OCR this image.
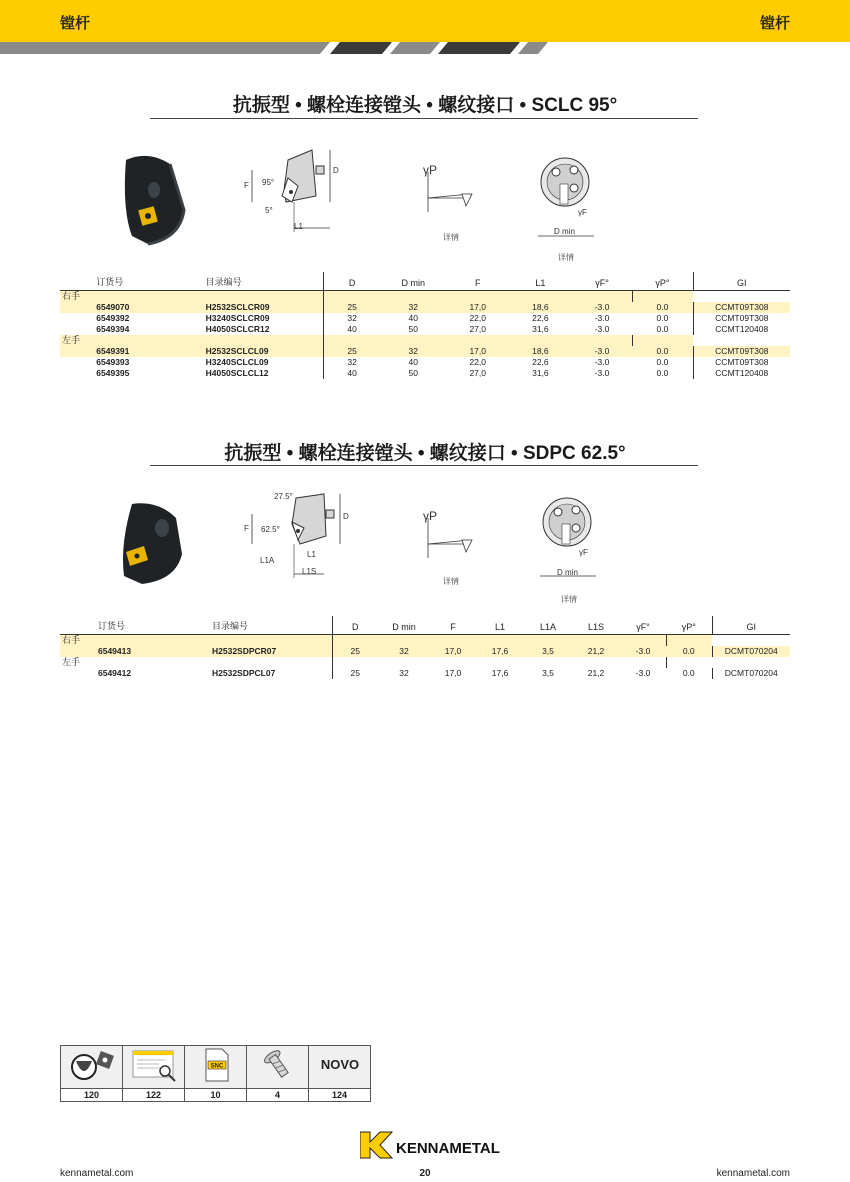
镗杆	镗杆
抗振型 • 螺栓连接镗头 • 螺纹接口 • SCLC 95°
D
F 95°
5°
L1
γP
详情
γF
D min
详情
	订货号	目录编号	D	D min	F	L1	γF°	γP°	GI
右手									
	6549070	H2532SCLCR09	25	32	17,0	18,6	-3.0	0.0	CCMT09T308
	6549392	H3240SCLCR09	32	40	22,0	22,6	-3.0	0.0	CCMT09T308
	6549394	H4050SCLCR12	40	50	27,0	31,6	-3.0	0.0	CCMT120408
左手									
	6549391	H2532SCLCL09	25	32	17,0	18,6	-3.0	0.0	CCMT09T308
	6549393	H3240SCLCL09	32	40	22,0	22,6	-3.0	0.0	CCMT09T308
	6549395	H4050SCLCL12	40	50	27,0	31,6	-3.0	0.0	CCMT120408
抗振型 • 螺栓连接镗头 • 螺纹接口 • SDPC 62.5°
27.5°
F 62.5°
D
L1
L1A
L1S
γP
详情
γF
D min
详情
	订货号	目录编号	D	D min	F	L1	L1A	L1S	γF°	γP°	GI
右手											
	6549413	H2532SDPCR07	25	32	17,0	17,6	3,5	21,2	-3.0	0.0	DCMT070204
左手											
	6549412	H2532SDPCL07	25	32	17,0	17,6	3,5	21,2	-3.0	0.0	DCMT070204

SNC		NOVO

120	122	10	4	124
KENNAMETAL
kennametal.com	20	kennametal.com
